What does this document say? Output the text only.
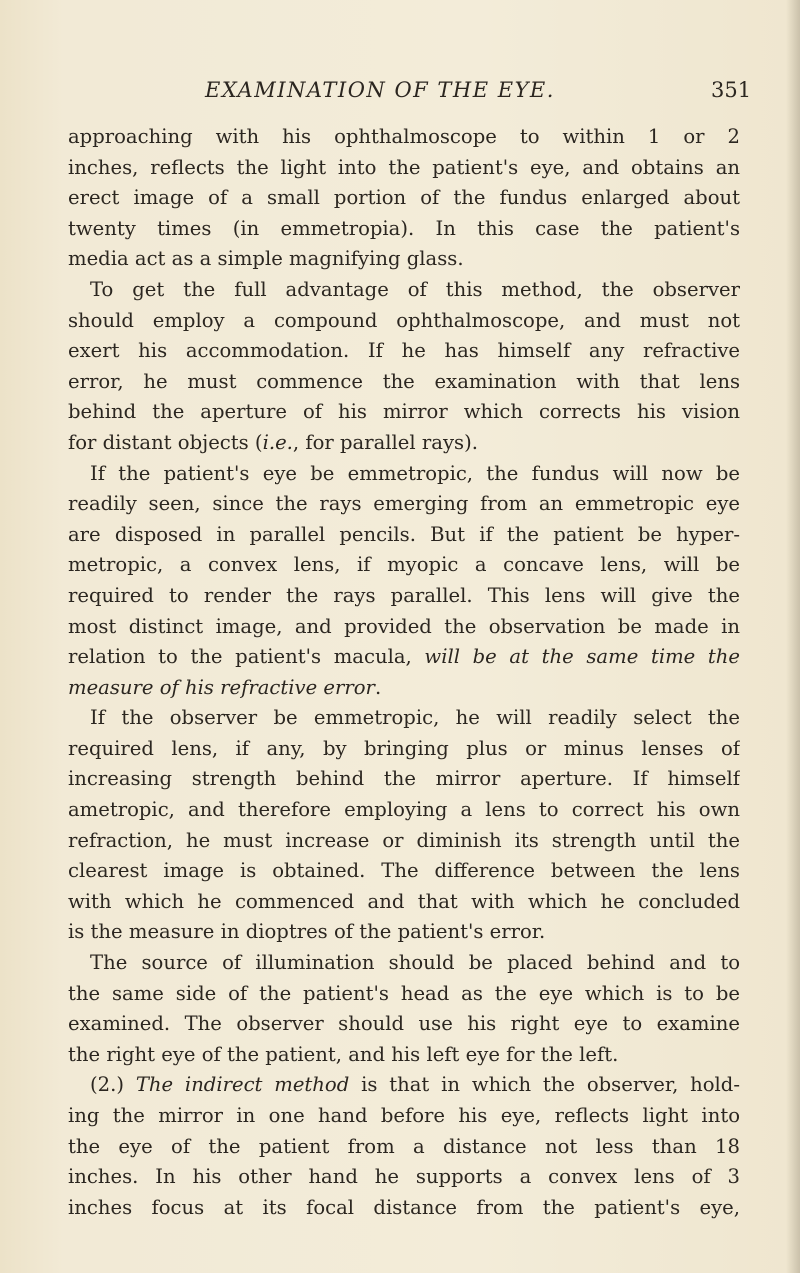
EXAMINATION OF THE EYE.	351
approaching with his ophthalmoscope to within 1 or 2
inches, reflects the light into the patient's eye, and obtains an
erect image of a small portion of the fundus enlarged about
twenty times (in emmetropia). In this case the patient's
media act as a simple magnifying glass.
To get the full advantage of this method, the observer
should employ a compound ophthalmoscope, and must not
exert his accommodation. If he has himself any refractive
error, he must commence the examination with that lens
behind the aperture of his mirror which corrects his vision
for distant objects (i.e., for parallel rays).
If the patient's eye be emmetropic, the fundus will now be
readily seen, since the rays emerging from an emmetropic eye
are disposed in parallel pencils. But if the patient be hyper-
metropic, a convex lens, if myopic a concave lens, will be
required to render the rays parallel. This lens will give the
most distinct image, and provided the observation be made in
relation to the patient's macula, will be at the same time the
measure of his refractive error.
If the observer be emmetropic, he will readily select the
required lens, if any, by bringing plus or minus lenses of
increasing strength behind the mirror aperture. If himself
ametropic, and therefore employing a lens to correct his own
refraction, he must increase or diminish its strength until the
clearest image is obtained. The difference between the lens
with which he commenced and that with which he concluded
is the measure in dioptres of the patient's error.
The source of illumination should be placed behind and to
the same side of the patient's head as the eye which is to be
examined. The observer should use his right eye to examine
the right eye of the patient, and his left eye for the left.
(2.) The indirect method is that in which the observer, hold-
ing the mirror in one hand before his eye, reflects light into
the eye of the patient from a distance not less than 18
inches. In his other hand he supports a convex lens of 3
inches focus at its focal distance from the patient's eye,
